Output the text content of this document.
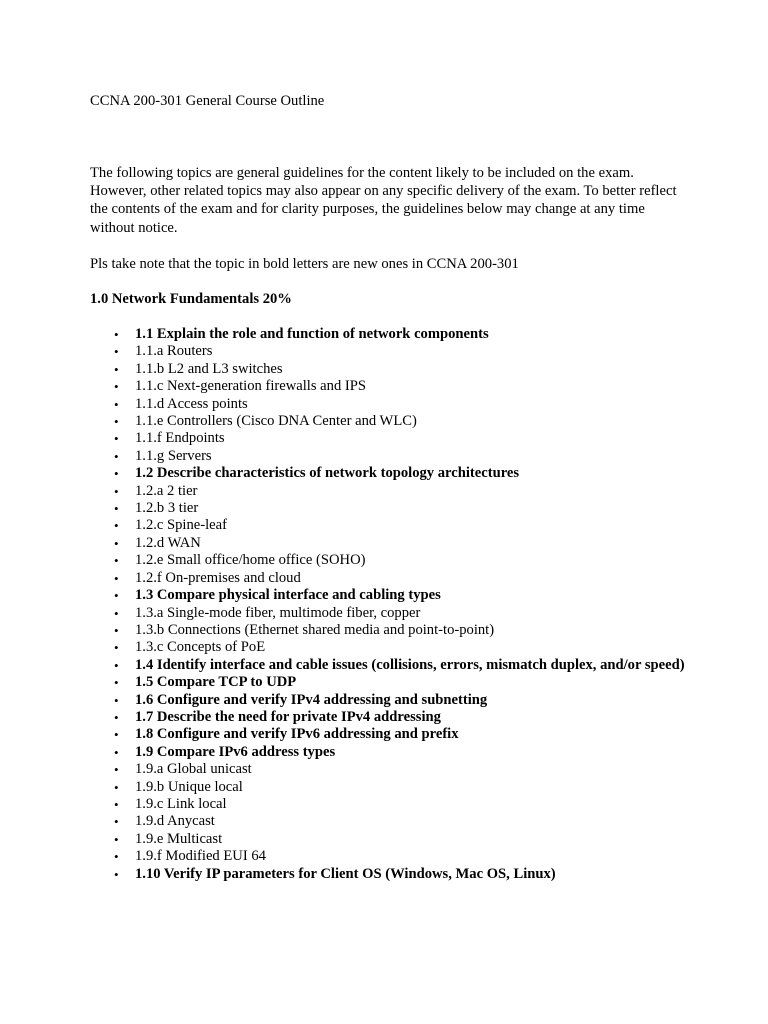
CCNA 200-301 General Course Outline

The following topics are general guidelines for the content likely to be included on the exam. However, other related topics may also appear on any specific delivery of the exam. To better reflect the contents of the exam and for clarity purposes, the guidelines below may change at any time without notice.

Pls take note that the topic in bold letters are new ones in CCNA 200-301

1.0 Network Fundamentals 20%
• 1.1 Explain the role and function of network components
• 1.1.a Routers
• 1.1.b L2 and L3 switches
• 1.1.c Next-generation firewalls and IPS
• 1.1.d Access points
• 1.1.e Controllers (Cisco DNA Center and WLC)
• 1.1.f Endpoints
• 1.1.g Servers
• 1.2 Describe characteristics of network topology architectures
• 1.2.a 2 tier
• 1.2.b 3 tier
• 1.2.c Spine-leaf
• 1.2.d WAN
• 1.2.e Small office/home office (SOHO)
• 1.2.f On-premises and cloud
• 1.3 Compare physical interface and cabling types
• 1.3.a Single-mode fiber, multimode fiber, copper
• 1.3.b Connections (Ethernet shared media and point-to-point)
• 1.3.c Concepts of PoE
• 1.4 Identify interface and cable issues (collisions, errors, mismatch duplex, and/or speed)
• 1.5 Compare TCP to UDP
• 1.6 Configure and verify IPv4 addressing and subnetting
• 1.7 Describe the need for private IPv4 addressing
• 1.8 Configure and verify IPv6 addressing and prefix
• 1.9 Compare IPv6 address types
• 1.9.a Global unicast
• 1.9.b Unique local
• 1.9.c Link local
• 1.9.d Anycast
• 1.9.e Multicast
• 1.9.f Modified EUI 64
• 1.10 Verify IP parameters for Client OS (Windows, Mac OS, Linux)
